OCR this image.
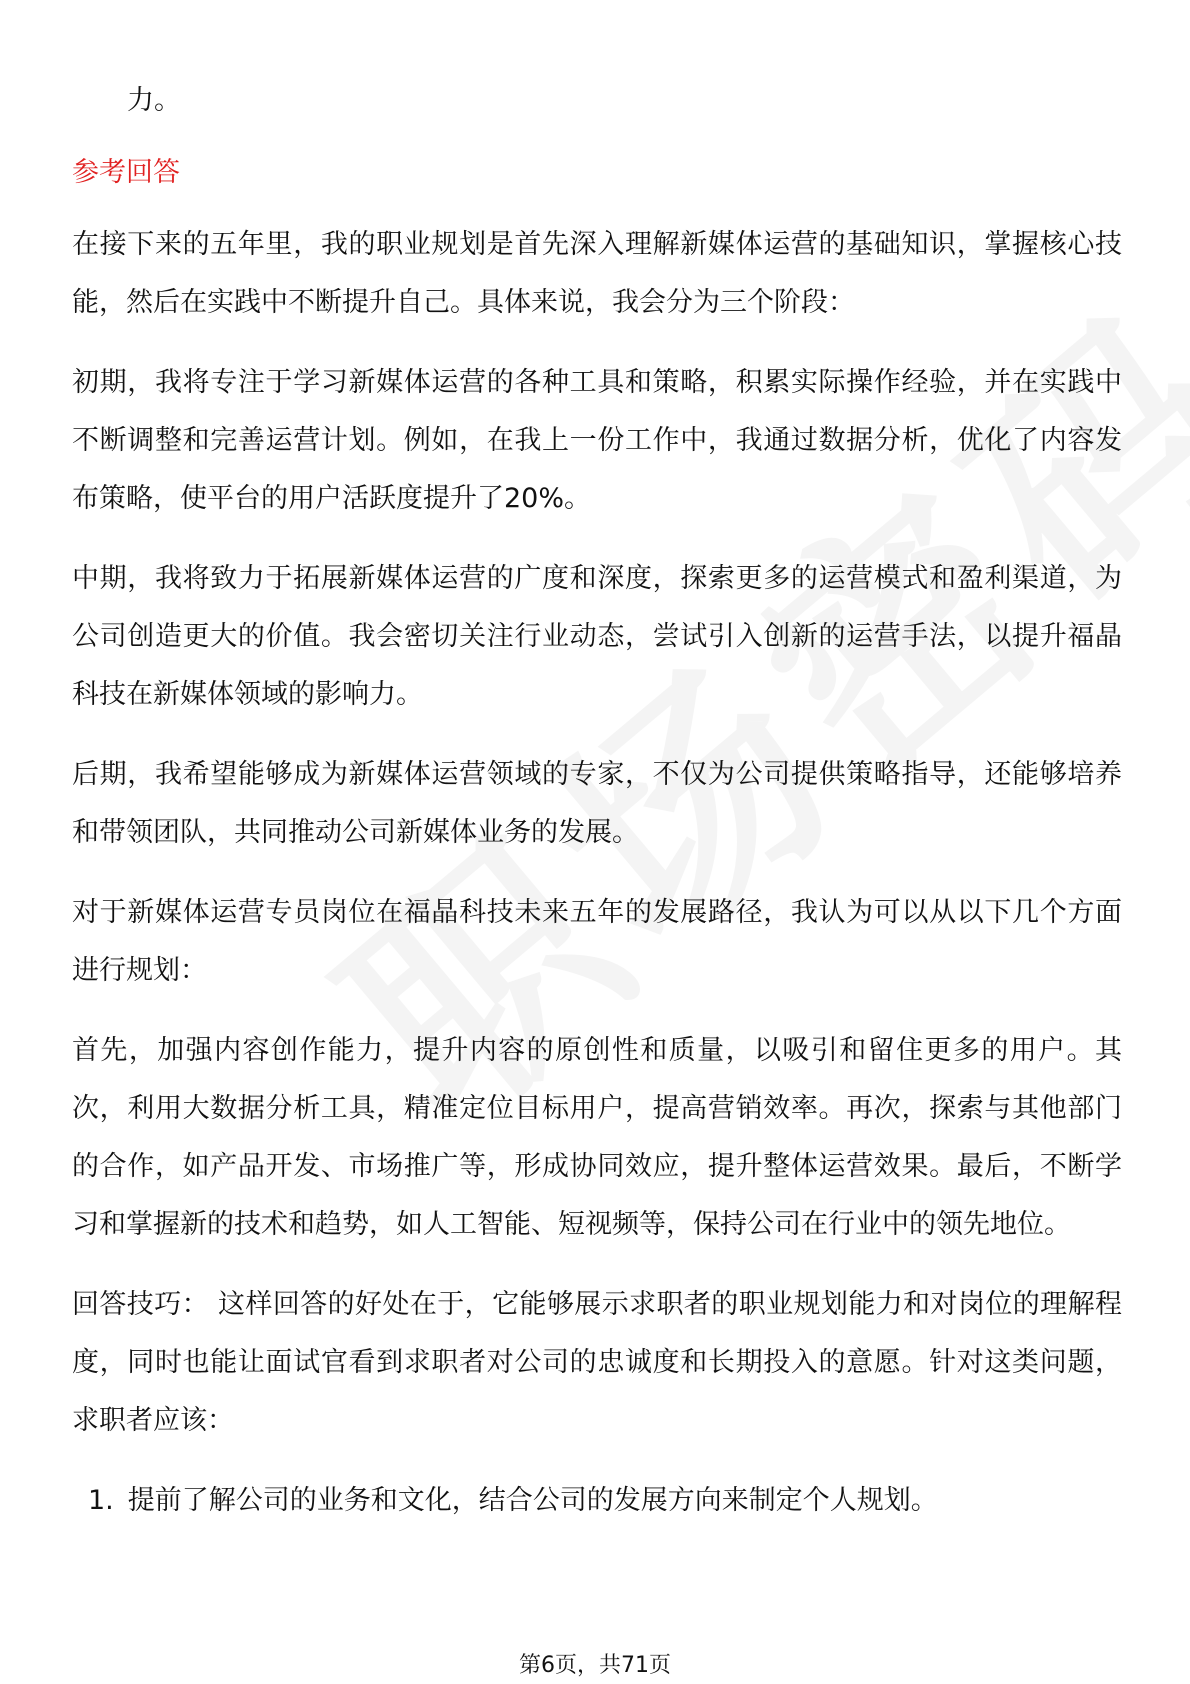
力。

参考回答

在接下来的五年里，我的职业规划是首先深入理解新媒体运营的基础知识，掌握核心技能，然后在实践中不断提升自己。具体来说，我会分为三个阶段：

初期，我将专注于学习新媒体运营的各种工具和策略，积累实际操作经验，并在实践中不断调整和完善运营计划。例如，在我上一份工作中，我通过数据分析，优化了内容发布策略，使平台的用户活跃度提升了20%。

中期，我将致力于拓展新媒体运营的广度和深度，探索更多的运营模式和盈利渠道，为公司创造更大的价值。我会密切关注行业动态，尝试引入创新的运营手法，以提升福晶科技在新媒体领域的影响力。

后期，我希望能够成为新媒体运营领域的专家，不仅为公司提供策略指导，还能够培养和带领团队，共同推动公司新媒体业务的发展。

对于新媒体运营专员岗位在福晶科技未来五年的发展路径，我认为可以从以下几个方面进行规划：

首先，加强内容创作能力，提升内容的原创性和质量，以吸引和留住更多的用户。其次，利用大数据分析工具，精准定位目标用户，提高营销效率。再次，探索与其他部门的合作，如产品开发、市场推广等，形成协同效应，提升整体运营效果。最后，不断学习和掌握新的技术和趋势，如人工智能、短视频等，保持公司在行业中的领先地位。

回答技巧： 这样回答的好处在于，它能够展示求职者的职业规划能力和对岗位的理解程度，同时也能让面试官看到求职者对公司的忠诚度和长期投入的意愿。针对这类问题，求职者应该：

1. 提前了解公司的业务和文化，结合公司的发展方向来制定个人规划。
第6页，共71页
